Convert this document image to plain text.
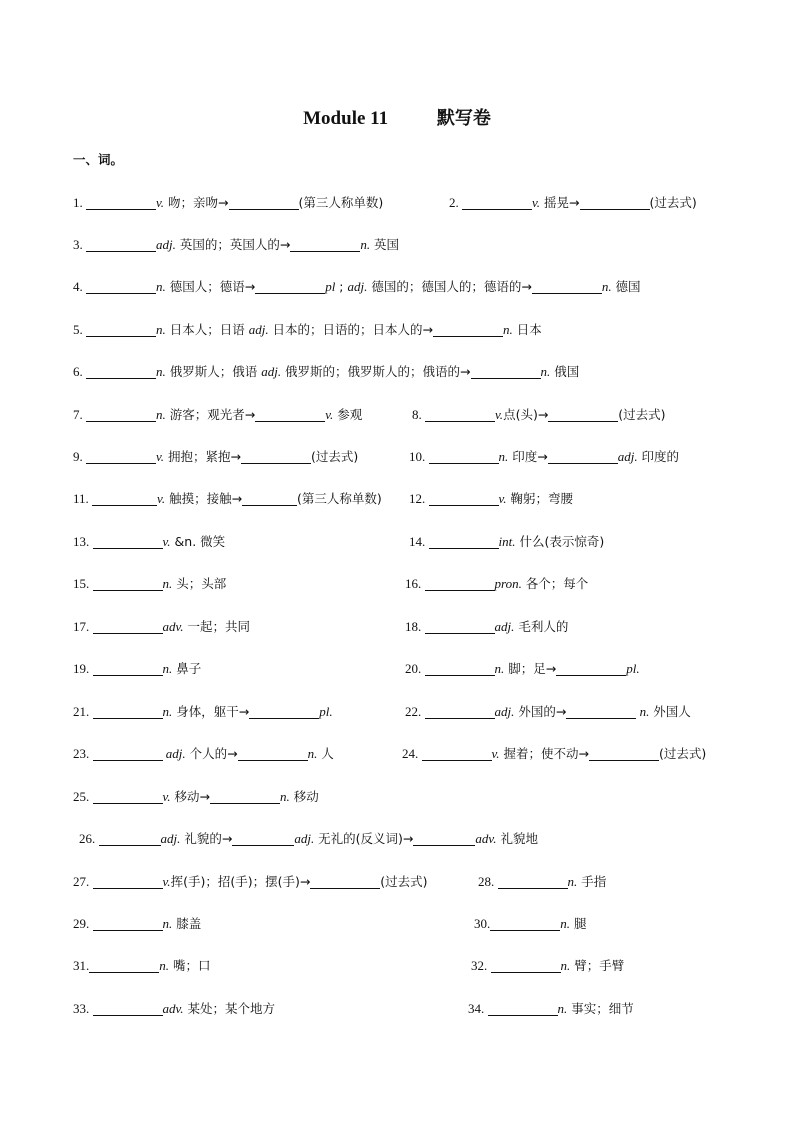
Module 11	默写卷
一、词。
1.	v. 吻；亲吻→	(第三人称单数)	2.	v. 摇晃→	(过去式)
3.	adj. 英国的；英国人的→	n. 英国
4.	n. 德国人；德语→	pl ; adj. 德国的；德国人的；德语的→	n. 德国
5.	n. 日本人；日语 adj. 日本的；日语的；日本人的→	n. 日本
6.	n. 俄罗斯人；俄语 adj. 俄罗斯的；俄罗斯人的；俄语的→	n. 俄国
7.	n. 游客；观光者→	v. 参观	8.	v.点(头)→	(过去式)
9.	v. 拥抱；紧抱→	(过去式)	10.	n. 印度→	adj. 印度的
11.	v. 触摸；接触→	(第三人称单数) 12.	v. 鞠躬；弯腰
13.	v. &n. 微笑	14.	int. 什么(表示惊奇)
15.	n. 头；头部	16.	pron. 各个；每个
17.	adv. 一起；共同	18.	adj. 毛利人的
19.	n. 鼻子	20.	n. 脚；足→	pl.
21.	n. 身体，躯干→	pl.	22.	adj. 外国的→	n. 外国人
23.	adj. 个人的→	n. 人	24.	v. 握着；使不动→	(过去式)
25.	v. 移动→	n. 移动
26.	adj. 礼貌的→	adj. 无礼的(反义词)→	adv. 礼貌地
27.	v.挥(手)；招(手)；摆(手)→	(过去式)	28.	n. 手指
29.	n. 膝盖	30.	n. 腿
31.	n. 嘴；口	32.	n. 臂；手臂
33.	adv. 某处；某个地方	34.	n. 事实；细节
